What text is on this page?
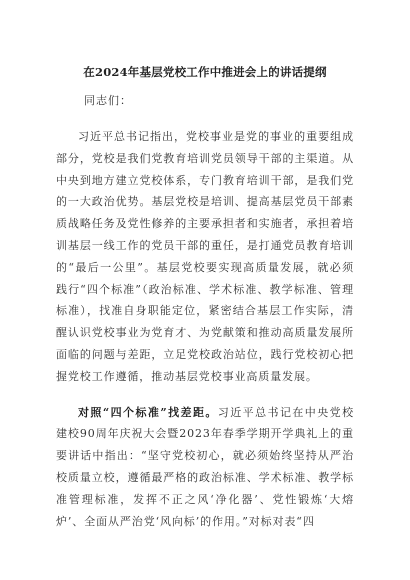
在2024年基层党校工作中推进会上的讲话提纲
同志们：

习近平总书记指出，党校事业是党的事业的重要组成部分，党校是我们党教育培训党员领导干部的主渠道。从中央到地方建立党校体系，专门教育培训干部，是我们党的一大政治优势。基层党校是培训、提高基层党员干部素质战略任务及党性修养的主要承担者和实施者，承担着培训基层一线工作的党员干部的重任，是打通党员教育培训的“最后一公里”。基层党校要实现高质量发展，就必须践行“四个标准”（政治标准、学术标准、教学标准、管理标准），找准自身职能定位，紧密结合基层工作实际，清醒认识党校事业为党育才、为党献策和推动高质量发展所面临的问题与差距，立足党校政治站位，践行党校初心把握党校工作遵循，推动基层党校事业高质量发展。

对照“四个标准”找差距。习近平总书记在中央党校建校90周年庆祝大会暨2023年春季学期开学典礼上的重要讲话中指出：“坚守党校初心，就必须始终坚持从严治校质量立校，遵循最严格的政治标准、学术标准、教学标准管理标准，发挥不正之风‘净化器’、党性锻炼‘大熔炉’、全面从严治党‘风向标’的作用。”对标对表“四
